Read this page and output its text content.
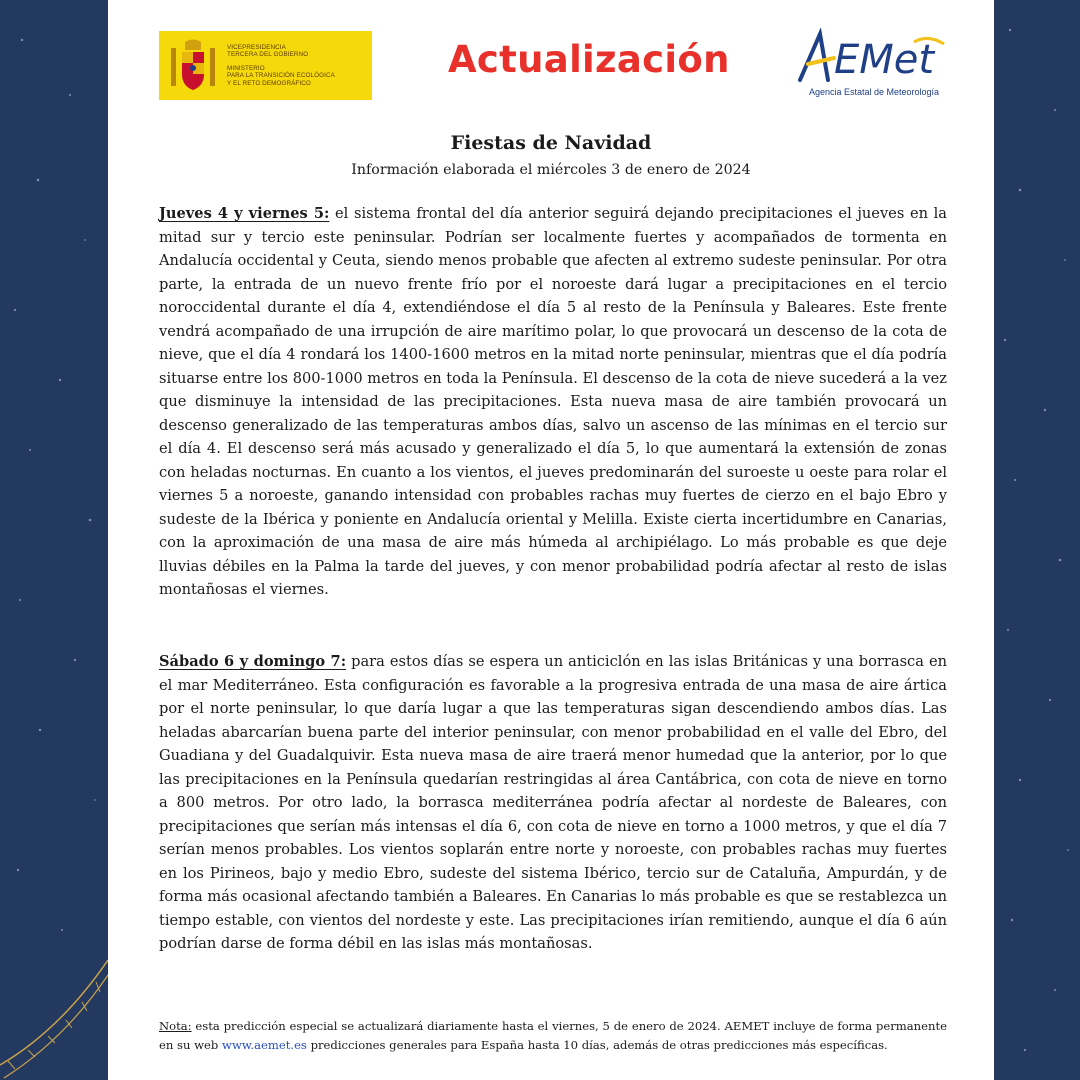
VICEPRESIDENCIA
TERCERA DEL GOBIERNO
MINISTERIO
PARA LA TRANSICIÓN ECOLÓGICA
Y EL RETO DEMOGRÁFICO
Actualización	EMet
Agencia Estatal de Meteorología
Fiestas de Navidad
Información elaborada el miércoles 3 de enero de 2024

Jueves 4 y viernes 5: el sistema frontal del día anterior seguirá dejando precipitaciones el jueves en la mitad sur y tercio este peninsular. Podrían ser localmente fuertes y acompañados de tormenta en Andalucía occidental y Ceuta, siendo menos probable que afecten al extremo sudeste peninsular. Por otra parte, la entrada de un nuevo frente frío por el noroeste dará lugar a precipitaciones en el tercio noroccidental durante el día 4, extendiéndose el día 5 al resto de la Península y Baleares. Este frente vendrá acompañado de una irrupción de aire marítimo polar, lo que provocará un descenso de la cota de nieve, que el día 4 rondará los 1400-1600 metros en la mitad norte peninsular, mientras que el día podría situarse entre los 800-1000 metros en toda la Península. El descenso de la cota de nieve sucederá a la vez que disminuye la intensidad de las precipitaciones. Esta nueva masa de aire también provocará un descenso generalizado de las temperaturas ambos días, salvo un ascenso de las mínimas en el tercio sur el día 4. El descenso será más acusado y generalizado el día 5, lo que aumentará la extensión de zonas con heladas nocturnas. En cuanto a los vientos, el jueves predominarán del suroeste u oeste para rolar el viernes 5 a noroeste, ganando intensidad con probables rachas muy fuertes de cierzo en el bajo Ebro y sudeste de la Ibérica y poniente en Andalucía oriental y Melilla. Existe cierta incertidumbre en Canarias, con la aproximación de una masa de aire más húmeda al archipiélago. Lo más probable es que deje lluvias débiles en la Palma la tarde del jueves, y con menor probabilidad podría afectar al resto de islas montañosas el viernes.

Sábado 6 y domingo 7: para estos días se espera un anticiclón en las islas Británicas y una borrasca en el mar Mediterráneo. Esta configuración es favorable a la progresiva entrada de una masa de aire ártica por el norte peninsular, lo que daría lugar a que las temperaturas sigan descendiendo ambos días. Las heladas abarcarían buena parte del interior peninsular, con menor probabilidad en el valle del Ebro, del Guadiana y del Guadalquivir. Esta nueva masa de aire traerá menor humedad que la anterior, por lo que las precipitaciones en la Península quedarían restringidas al área Cantábrica, con cota de nieve en torno a 800 metros. Por otro lado, la borrasca mediterránea podría afectar al nordeste de Baleares, con precipitaciones que serían más intensas el día 6, con cota de nieve en torno a 1000 metros, y que el día 7 serían menos probables. Los vientos soplarán entre norte y noroeste, con probables rachas muy fuertes en los Pirineos, bajo y medio Ebro, sudeste del sistema Ibérico, tercio sur de Cataluña, Ampurdán, y de forma más ocasional afectando también a Baleares. En Canarias lo más probable es que se restablezca un tiempo estable, con vientos del nordeste y este. Las precipitaciones irían remitiendo, aunque el día 6 aún podrían darse de forma débil en las islas más montañosas.

Nota: esta predicción especial se actualizará diariamente hasta el viernes, 5 de enero de 2024. AEMET incluye de forma permanente en su web www.aemet.es predicciones generales para España hasta 10 días, además de otras predicciones más específicas.
